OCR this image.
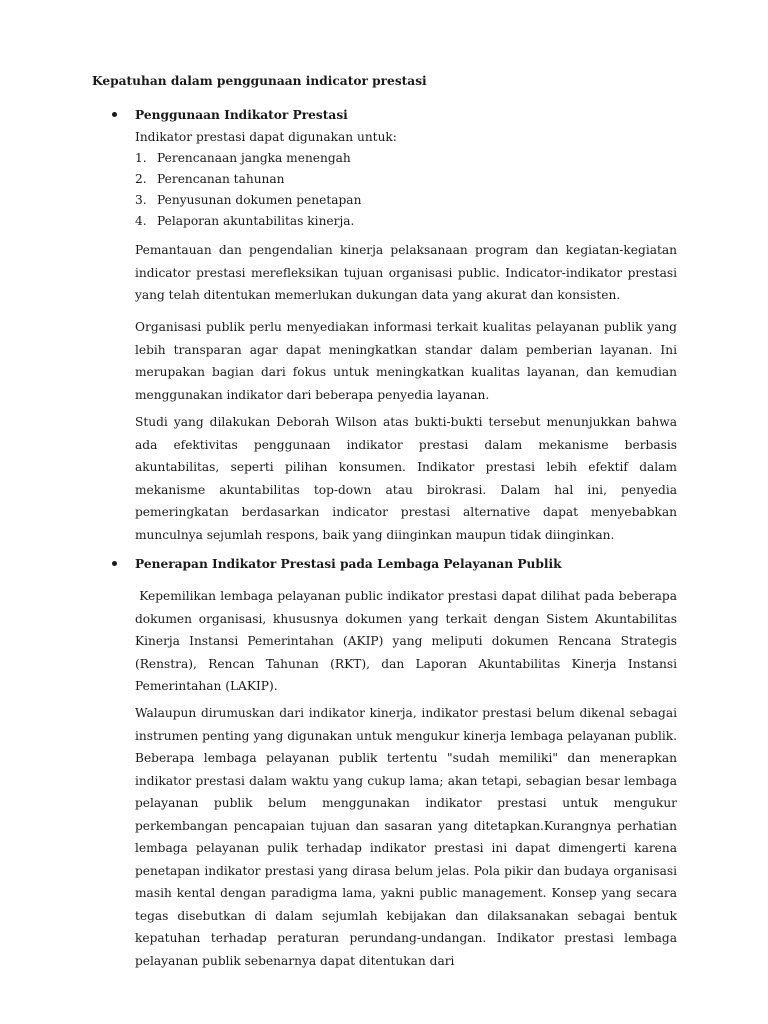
Kepatuhan dalam penggunaan indicator prestasi
Penggunaan Indikator Prestasi
Indikator prestasi dapat digunakan untuk:
1. Perencanaan jangka menengah
2. Perencanan tahunan
3. Penyusunan dokumen penetapan
4. Pelaporan akuntabilitas kinerja.

Pemantauan dan pengendalian kinerja pelaksanaan program dan kegiatan-kegiatan indicator prestasi merefleksikan tujuan organisasi public. Indicator-indikator prestasi yang telah ditentukan memerlukan dukungan data yang akurat dan konsisten.

Organisasi publik perlu menyediakan informasi terkait kualitas pelayanan publik yang lebih transparan agar dapat meningkatkan standar dalam pemberian layanan. Ini merupakan bagian dari fokus untuk meningkatkan kualitas layanan, dan kemudian menggunakan indikator dari beberapa penyedia layanan.

Studi yang dilakukan Deborah Wilson atas bukti-bukti tersebut menunjukkan bahwa ada efektivitas penggunaan indikator prestasi dalam mekanisme berbasis akuntabilitas, seperti pilihan konsumen. Indikator prestasi lebih efektif dalam mekanisme akuntabilitas top-down atau birokrasi. Dalam hal ini, penyedia pemeringkatan berdasarkan indicator prestasi alternative dapat menyebabkan munculnya sejumlah respons, baik yang diinginkan maupun tidak diinginkan.

Penerapan Indikator Prestasi pada Lembaga Pelayanan Publik

Kepemilikan lembaga pelayanan public indikator prestasi dapat dilihat pada beberapa dokumen organisasi, khususnya dokumen yang terkait dengan Sistem Akuntabilitas Kinerja Instansi Pemerintahan (AKIP) yang meliputi dokumen Rencana Strategis (Renstra), Rencan Tahunan (RKT), dan Laporan Akuntabilitas Kinerja Instansi Pemerintahan (LAKIP).

Walaupun dirumuskan dari indikator kinerja, indikator prestasi belum dikenal sebagai instrumen penting yang digunakan untuk mengukur kinerja lembaga pelayanan publik. Beberapa lembaga pelayanan publik tertentu "sudah memiliki" dan menerapkan indikator prestasi dalam waktu yang cukup lama; akan tetapi, sebagian besar lembaga pelayanan publik belum menggunakan indikator prestasi untuk mengukur perkembangan pencapaian tujuan dan sasaran yang ditetapkan.Kurangnya perhatian lembaga pelayanan pulik terhadap indikator prestasi ini dapat dimengerti karena penetapan indikator prestasi yang dirasa belum jelas. Pola pikir dan budaya organisasi masih kental dengan paradigma lama, yakni public management. Konsep yang secara tegas disebutkan di dalam sejumlah kebijakan dan dilaksanakan sebagai bentuk kepatuhan terhadap peraturan perundang-undangan. Indikator prestasi lembaga pelayanan publik sebenarnya dapat ditentukan dari
